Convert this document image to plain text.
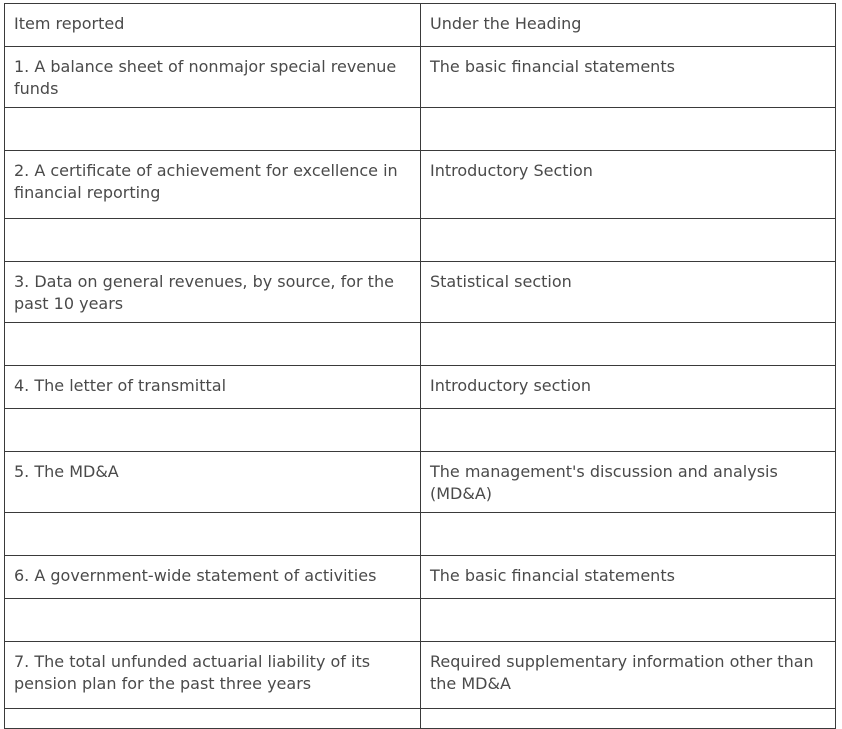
Item reported	Under the Heading
1. A balance sheet of nonmajor special revenue funds	The basic financial statements

2. A certificate of achievement for excellence in financial reporting	Introductory Section

3. Data on general revenues, by source, for the past 10 years	Statistical section

4. The letter of transmittal	Introductory section

5. The MD&A	The management's discussion and analysis (MD&A)

6. A government-wide statement of activities	The basic financial statements

7. The total unfunded actuarial liability of its pension plan for the past three years	Required supplementary information other than the MD&A
